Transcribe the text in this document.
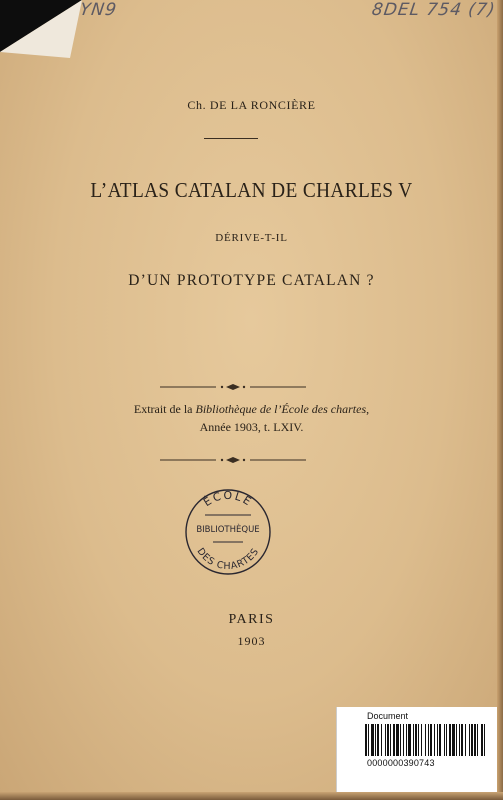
YN9	8DEL 754 (7)
Ch. DE LA RONCIÈRE
L’ATLAS CATALAN DE CHARLES V
DÉRIVE-T-IL
D’UN PROTOTYPE CATALAN ?
Extrait de la Bibliothèque de l’École des chartes,
Année 1903, t. LXIV.
ÉCOLE
BIBLIOTHÈQUE
DES CHARTES
PARIS
1903
Document
0000000390743
